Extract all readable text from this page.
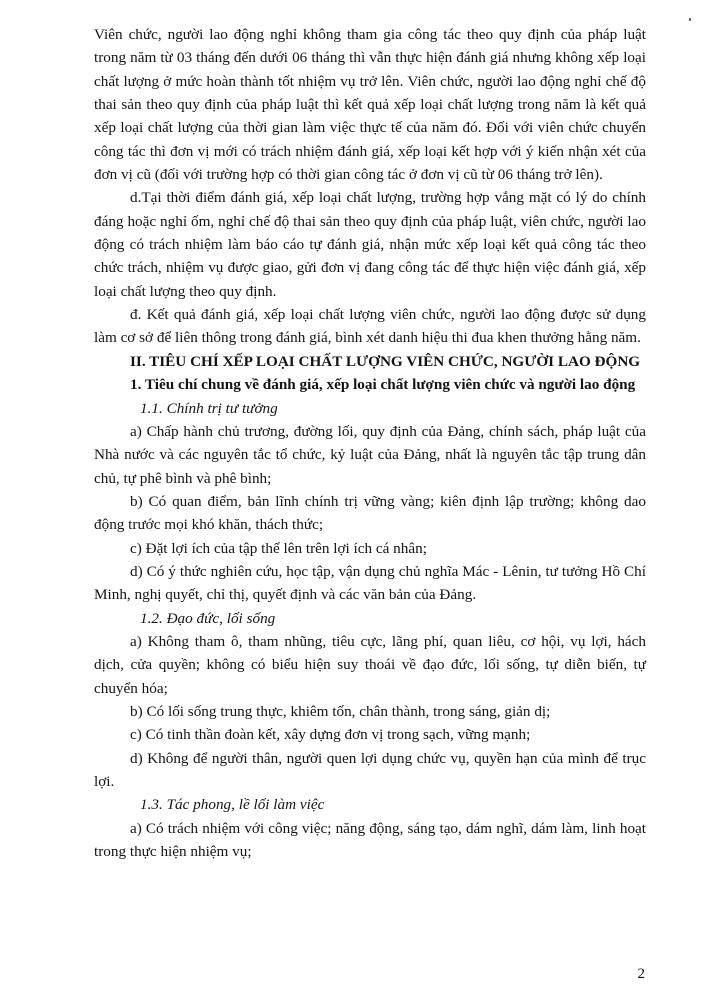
Viên chức, người lao động nghỉ không tham gia công tác theo quy định của pháp luật trong năm từ 03 tháng đến dưới 06 tháng thì vẫn thực hiện đánh giá nhưng không xếp loại chất lượng ở mức hoàn thành tốt nhiệm vụ trở lên. Viên chức, người lao động nghỉ chế độ thai sản theo quy định của pháp luật thì kết quả xếp loại chất lượng trong năm là kết quả xếp loại chất lượng của thời gian làm việc thực tế của năm đó. Đối với viên chức chuyển công tác thì đơn vị mới có trách nhiệm đánh giá, xếp loại kết hợp với ý kiến nhận xét của đơn vị cũ (đối với trường hợp có thời gian công tác ở đơn vị cũ từ 06 tháng trở lên).

d.Tại thời điểm đánh giá, xếp loại chất lượng, trường hợp vắng mặt có lý do chính đáng hoặc nghỉ ốm, nghỉ chế độ thai sản theo quy định của pháp luật, viên chức, người lao động có trách nhiệm làm báo cáo tự đánh giá, nhận mức xếp loại kết quả công tác theo chức trách, nhiệm vụ được giao, gửi đơn vị đang công tác để thực hiện việc đánh giá, xếp loại chất lượng theo quy định.

đ. Kết quả đánh giá, xếp loại chất lượng viên chức, người lao động được sử dụng làm cơ sở để liên thông trong đánh giá, bình xét danh hiệu thi đua khen thưởng hằng năm.

II. TIÊU CHÍ XẾP LOẠI CHẤT LƯỢNG VIÊN CHỨC, NGƯỜI LAO ĐỘNG

1. Tiêu chí chung về đánh giá, xếp loại chất lượng viên chức và người lao động

1.1. Chính trị tư tưởng

a) Chấp hành chủ trương, đường lối, quy định của Đảng, chính sách, pháp luật của Nhà nước và các nguyên tắc tổ chức, kỷ luật của Đảng, nhất là nguyên tắc tập trung dân chủ, tự phê bình và phê bình;

b) Có quan điểm, bản lĩnh chính trị vững vàng; kiên định lập trường; không dao động trước mọi khó khăn, thách thức;

c) Đặt lợi ích của tập thể lên trên lợi ích cá nhân;

d) Có ý thức nghiên cứu, học tập, vận dụng chủ nghĩa Mác - Lênin, tư tưởng Hồ Chí Minh, nghị quyết, chỉ thị, quyết định và các văn bản của Đảng.

1.2. Đạo đức, lối sống

a) Không tham ô, tham nhũng, tiêu cực, lãng phí, quan liêu, cơ hội, vụ lợi, hách dịch, cửa quyền; không có biểu hiện suy thoái về đạo đức, lối sống, tự diễn biến, tự chuyển hóa;

b) Có lối sống trung thực, khiêm tốn, chân thành, trong sáng, giản dị;

c) Có tinh thần đoàn kết, xây dựng đơn vị trong sạch, vững mạnh;

d) Không để người thân, người quen lợi dụng chức vụ, quyền hạn của mình để trục lợi.

1.3. Tác phong, lề lối làm việc

a) Có trách nhiệm với công việc; năng động, sáng tạo, dám nghĩ, dám làm, linh hoạt trong thực hiện nhiệm vụ;

2
